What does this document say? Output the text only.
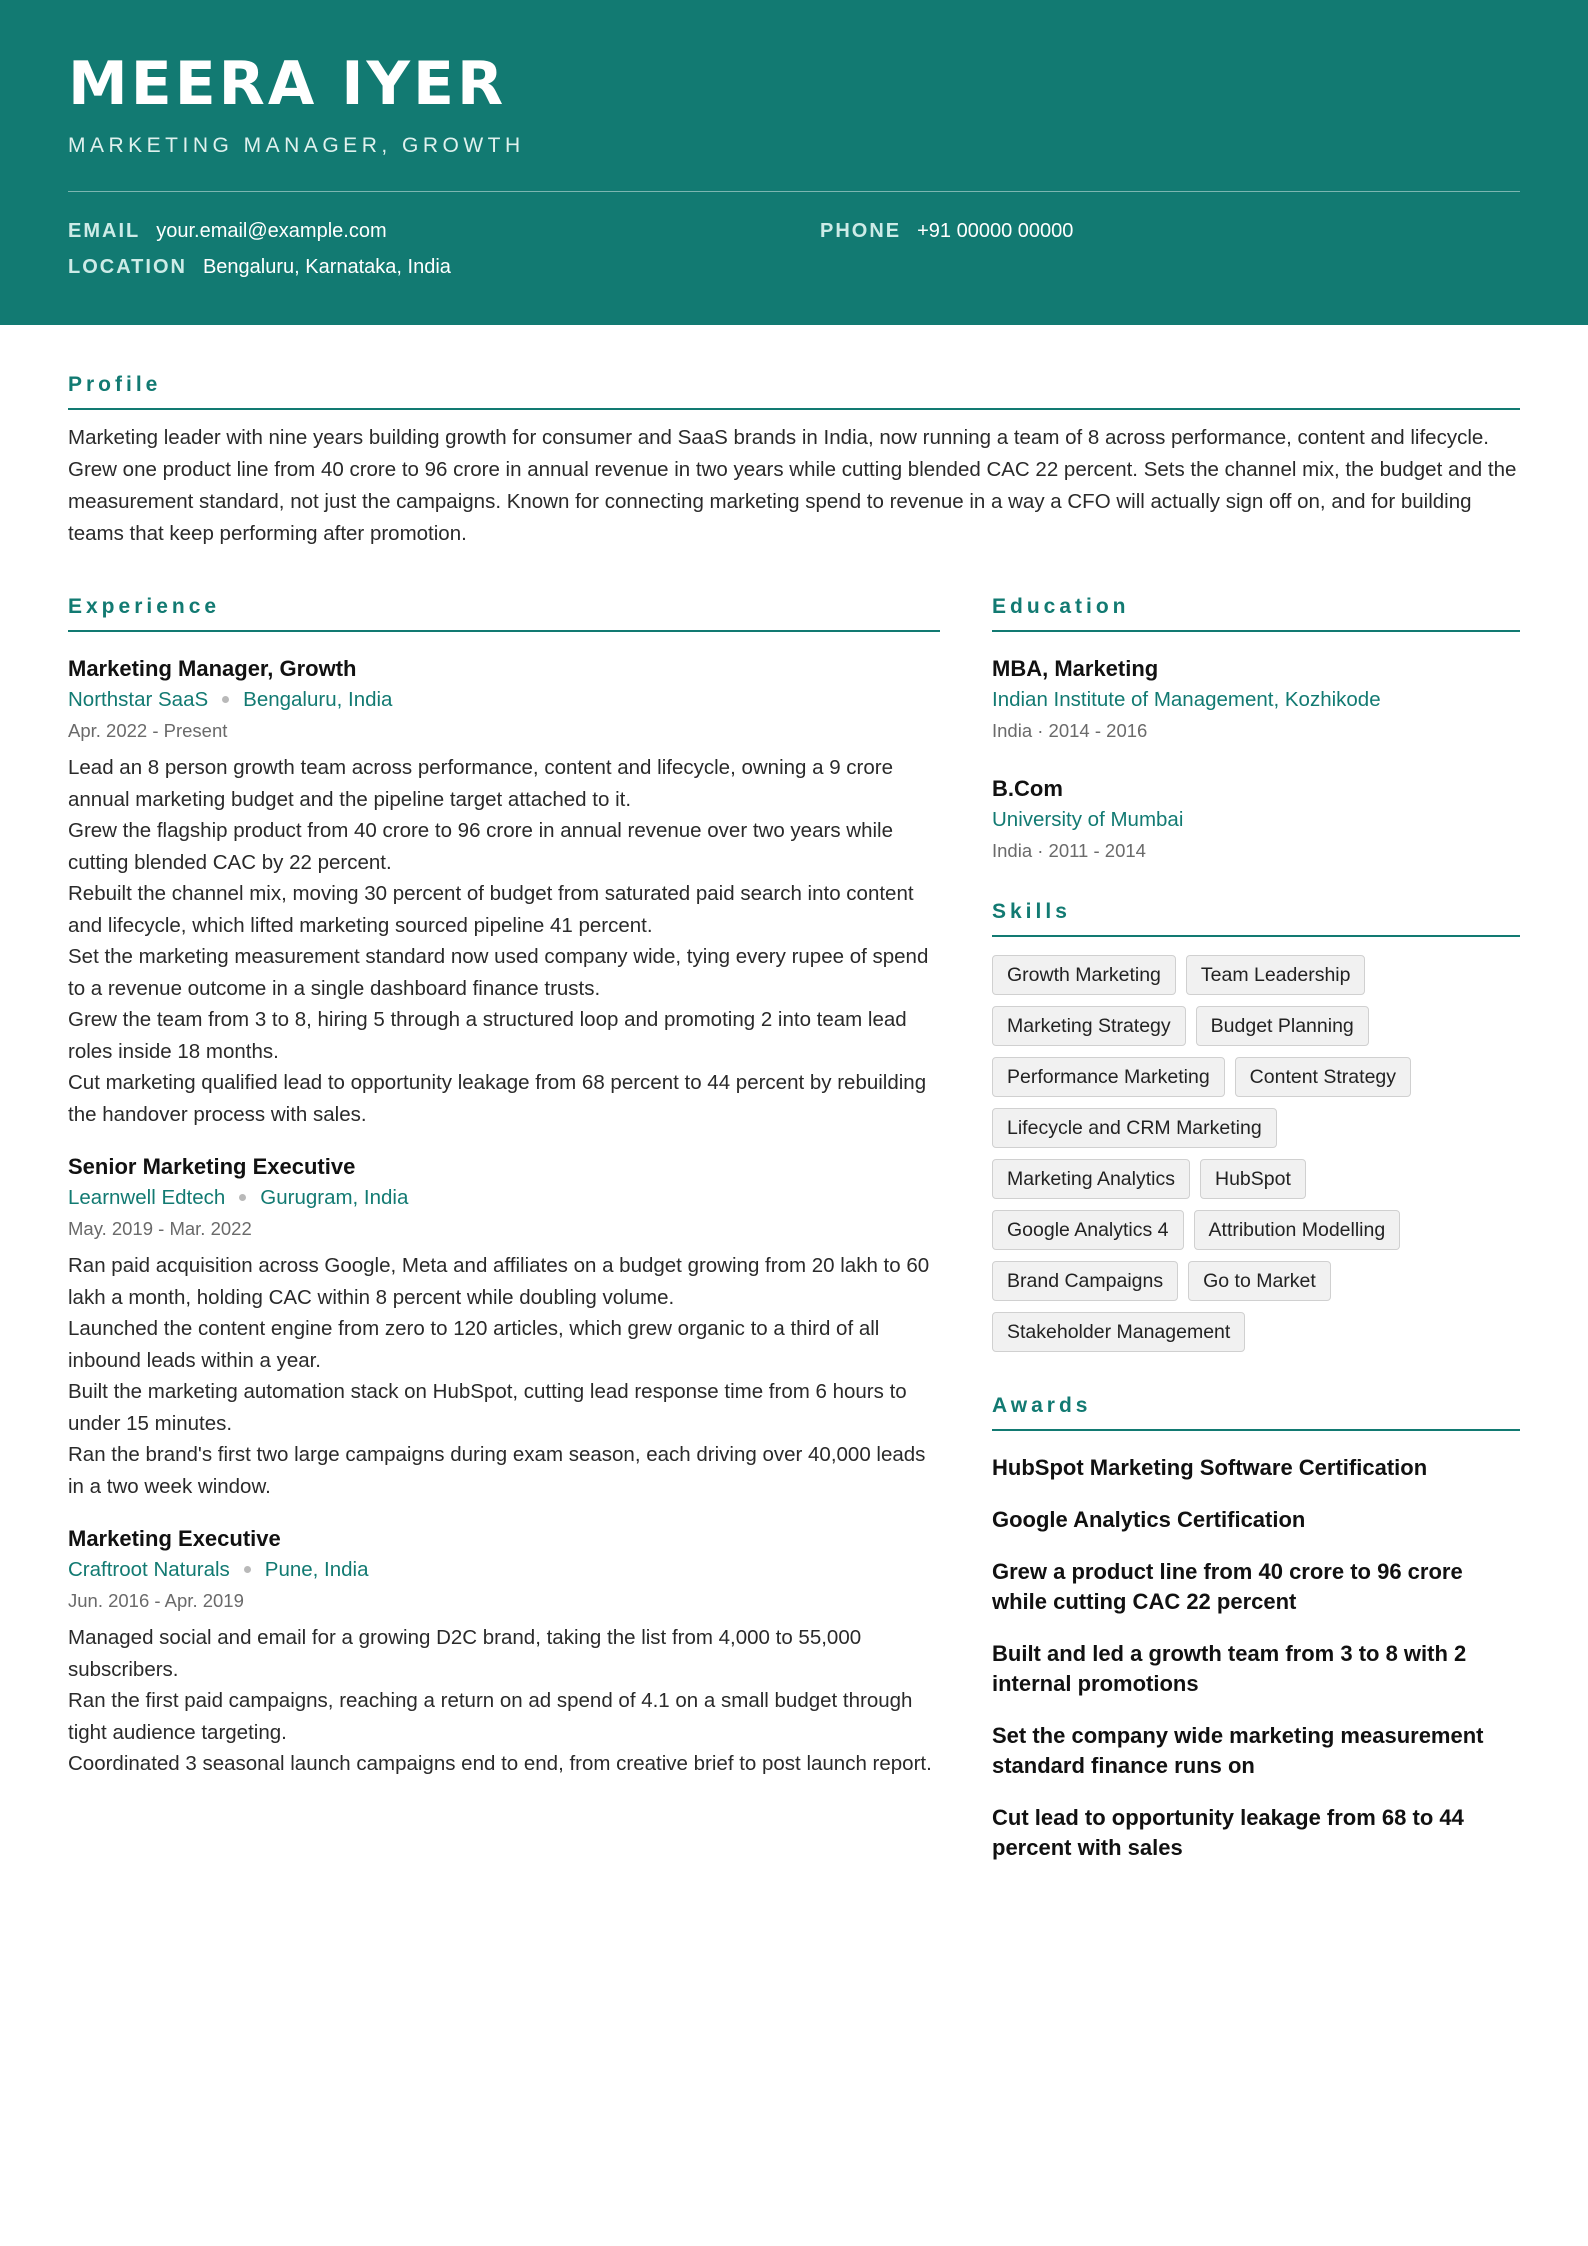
MEERA IYER
MARKETING MANAGER, GROWTH
EMAIL your.email@example.com	PHONE +91 00000 00000
LOCATION Bengaluru, Karnataka, India
Profile
Marketing leader with nine years building growth for consumer and SaaS brands in India, now running a team of 8 across performance, content and lifecycle. Grew one product line from 40 crore to 96 crore in annual revenue in two years while cutting blended CAC 22 percent. Sets the channel mix, the budget and the measurement standard, not just the campaigns. Known for connecting marketing spend to revenue in a way a CFO will actually sign off on, and for building teams that keep performing after promotion.
Experience
Marketing Manager, Growth
Northstar SaaS Bengaluru, India
Apr. 2022 - Present
Lead an 8 person growth team across performance, content and lifecycle, owning a 9 crore annual marketing budget and the pipeline target attached to it.
Grew the flagship product from 40 crore to 96 crore in annual revenue over two years while cutting blended CAC by 22 percent.
Rebuilt the channel mix, moving 30 percent of budget from saturated paid search into content and lifecycle, which lifted marketing sourced pipeline 41 percent.
Set the marketing measurement standard now used company wide, tying every rupee of spend to a revenue outcome in a single dashboard finance trusts.
Grew the team from 3 to 8, hiring 5 through a structured loop and promoting 2 into team lead roles inside 18 months.
Cut marketing qualified lead to opportunity leakage from 68 percent to 44 percent by rebuilding the handover process with sales.
Senior Marketing Executive
Learnwell Edtech Gurugram, India
May. 2019 - Mar. 2022
Ran paid acquisition across Google, Meta and affiliates on a budget growing from 20 lakh to 60 lakh a month, holding CAC within 8 percent while doubling volume.
Launched the content engine from zero to 120 articles, which grew organic to a third of all inbound leads within a year.
Built the marketing automation stack on HubSpot, cutting lead response time from 6 hours to under 15 minutes.
Ran the brand's first two large campaigns during exam season, each driving over 40,000 leads in a two week window.
Marketing Executive
Craftroot Naturals Pune, India
Jun. 2016 - Apr. 2019
Managed social and email for a growing D2C brand, taking the list from 4,000 to 55,000 subscribers.
Ran the first paid campaigns, reaching a return on ad spend of 4.1 on a small budget through tight audience targeting.
Coordinated 3 seasonal launch campaigns end to end, from creative brief to post launch report.
Education
MBA, Marketing
Indian Institute of Management, Kozhikode
India · 2014 - 2016
B.Com
University of Mumbai
India · 2011 - 2014
Skills
Growth Marketing	Team Leadership
Marketing Strategy	Budget Planning
Performance Marketing	Content Strategy
Lifecycle and CRM Marketing
Marketing Analytics	HubSpot
Google Analytics 4	Attribution Modelling
Brand Campaigns	Go to Market
Stakeholder Management
Awards
HubSpot Marketing Software Certification
Google Analytics Certification
Grew a product line from 40 crore to 96 crore while cutting CAC 22 percent
Built and led a growth team from 3 to 8 with 2 internal promotions
Set the company wide marketing measurement standard finance runs on
Cut lead to opportunity leakage from 68 to 44 percent with sales
